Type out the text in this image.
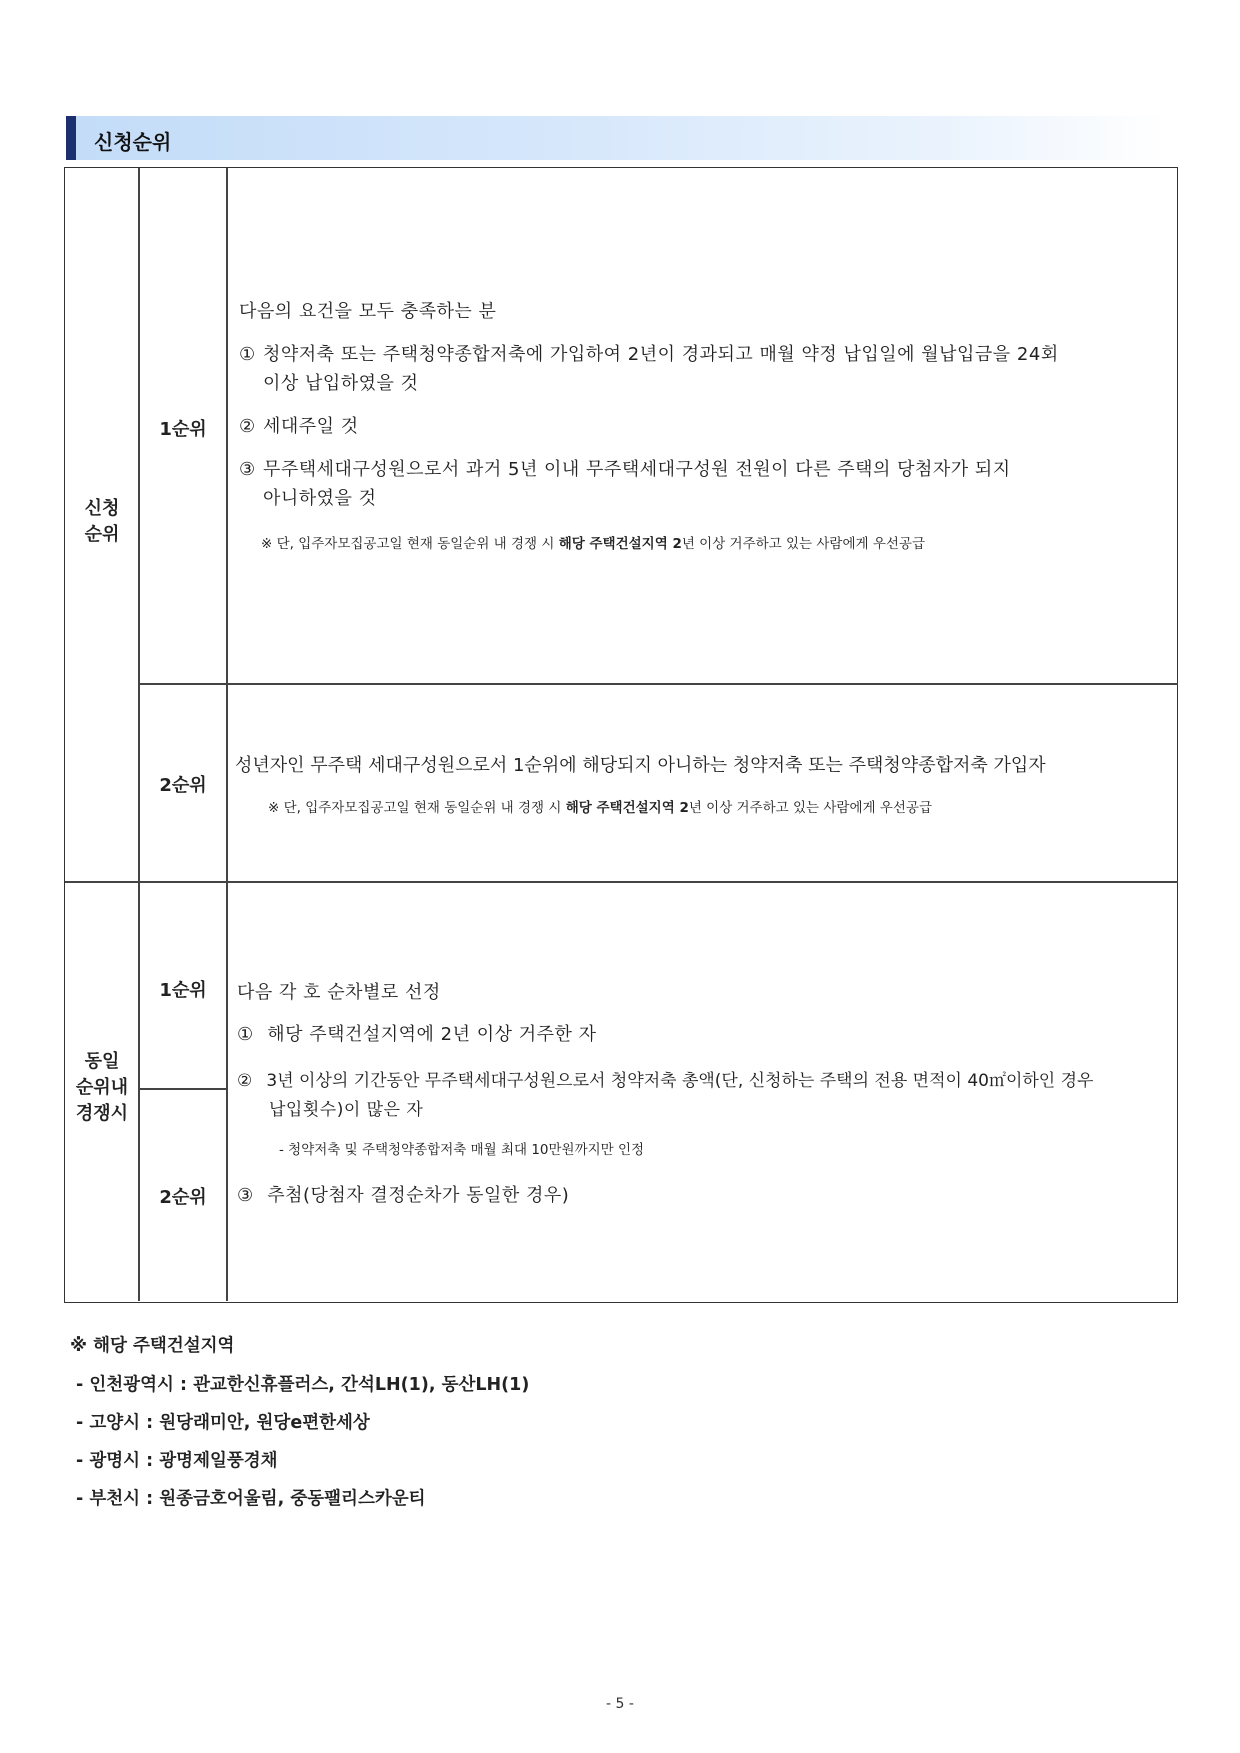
신청순위
신청
순위
동일
순위내
경쟁시
1순위
2순위
1순위
2순위
다음의 요건을 모두 충족하는 분
① 청약저축 또는 주택청약종합저축에 가입하여 2년이 경과되고 매월 약정 납입일에 월납입금을 24회
이상 납입하였을 것
② 세대주일 것
③ 무주택세대구성원으로서 과거 5년 이내 무주택세대구성원 전원이 다른 주택의 당첨자가 되지
아니하였을 것
※ 단, 입주자모집공고일 현재 동일순위 내 경쟁 시 해당 주택건설지역 2년 이상 거주하고 있는 사람에게 우선공급
성년자인 무주택 세대구성원으로서 1순위에 해당되지 아니하는 청약저축 또는 주택청약종합저축 가입자
※ 단, 입주자모집공고일 현재 동일순위 내 경쟁 시 해당 주택건설지역 2년 이상 거주하고 있는 사람에게 우선공급
다음 각 호 순차별로 선정
① 해당 주택건설지역에 2년 이상 거주한 자
② 3년 이상의 기간동안 무주택세대구성원으로서 청약저축 총액(단, 신청하는 주택의 전용 면적이 40㎡이하인 경우
납입횟수)이 많은 자
- 청약저축 및 주택청약종합저축 매월 최대 10만원까지만 인정
③ 추첨(당첨자 결정순차가 동일한 경우)
※ 해당 주택건설지역
- 인천광역시 : 관교한신휴플러스, 간석LH(1), 동산LH(1)
- 고양시 : 원당래미안, 원당e편한세상
- 광명시 : 광명제일풍경채
- 부천시 : 원종금호어울림, 중동팰리스카운티
- 5 -
